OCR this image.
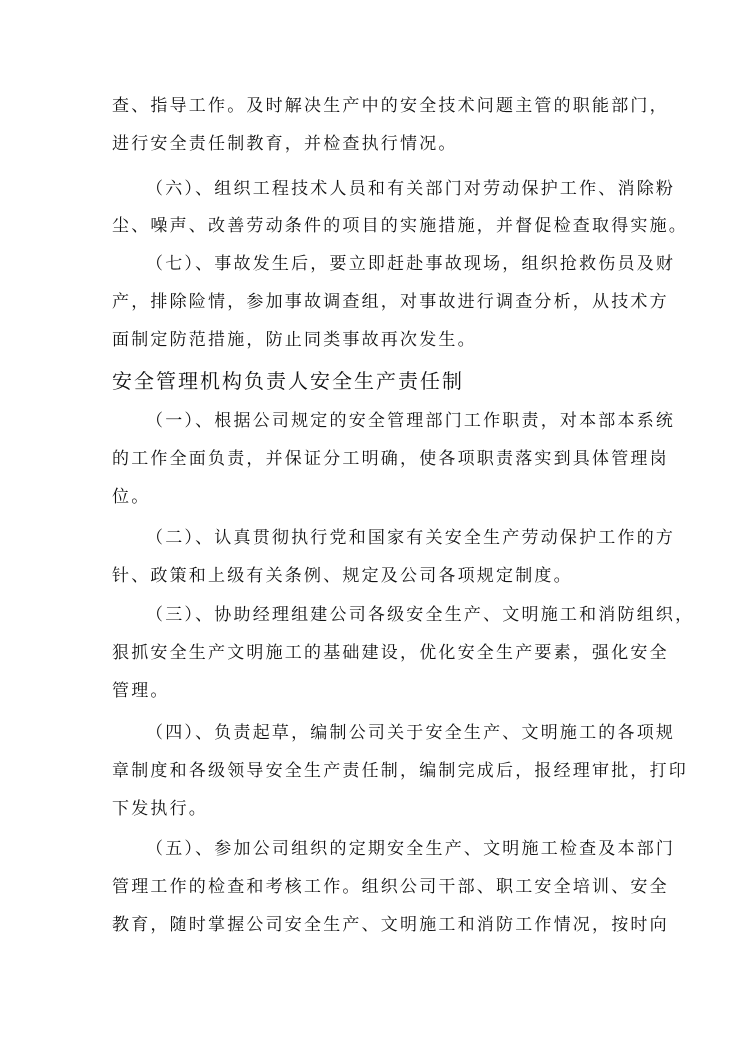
查、指导工作。及时解决生产中的安全技术问题主管的职能部门，
进行安全责任制教育，并检查执行情况。
（六）、组织工程技术人员和有关部门对劳动保护工作、消除粉
尘、噪声、改善劳动条件的项目的实施措施，并督促检查取得实施。
（七）、事故发生后，要立即赶赴事故现场，组织抢救伤员及财
产，排除险情，参加事故调查组，对事故进行调查分析，从技术方
面制定防范措施，防止同类事故再次发生。
安全管理机构负责人安全生产责任制
（一）、根据公司规定的安全管理部门工作职责，对本部本系统
的工作全面负责，并保证分工明确，使各项职责落实到具体管理岗
位。
（二）、认真贯彻执行党和国家有关安全生产劳动保护工作的方
针、政策和上级有关条例、规定及公司各项规定制度。
（三）、协助经理组建公司各级安全生产、文明施工和消防组织，
狠抓安全生产文明施工的基础建设，优化安全生产要素，强化安全
管理。
（四）、负责起草，编制公司关于安全生产、文明施工的各项规
章制度和各级领导安全生产责任制，编制完成后，报经理审批，打印
下发执行。
（五）、参加公司组织的定期安全生产、文明施工检查及本部门
管理工作的检查和考核工作。组织公司干部、职工安全培训、安全
教育，随时掌握公司安全生产、文明施工和消防工作情况，按时向
